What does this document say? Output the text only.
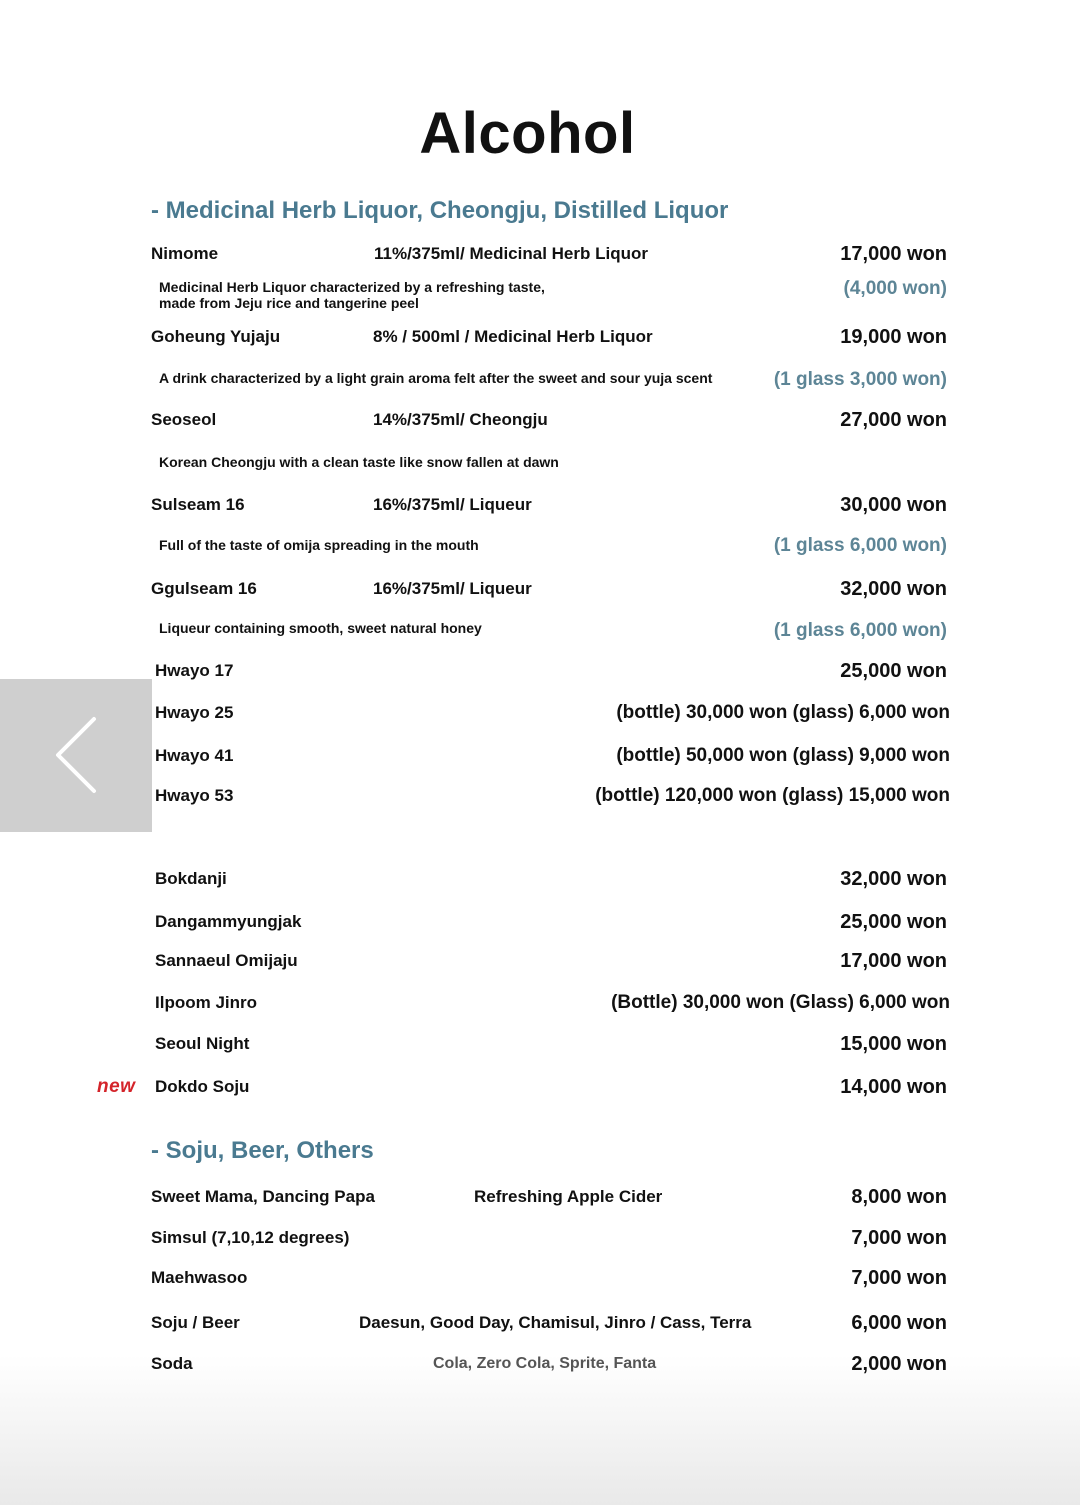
Alcohol
- Medicinal Herb Liquor, Cheongju, Distilled Liquor
Nimome	11%/375ml/ Medicinal Herb Liquor	17,000 won
Medicinal Herb Liquor characterized by a refreshing taste,
made from Jeju rice and tangerine peel
(4,000 won)
Goheung Yujaju	8% / 500ml / Medicinal Herb Liquor	19,000 won
A drink characterized by a light grain aroma felt after the sweet and sour yuja scent	(1 glass 3,000 won)
Seoseol	14%/375ml/ Cheongju	27,000 won
Korean Cheongju with a clean taste like snow fallen at dawn
Sulseam 16	16%/375ml/ Liqueur	30,000 won
Full of the taste of omija spreading in the mouth	(1 glass 6,000 won)
Ggulseam 16	16%/375ml/ Liqueur	32,000 won
Liqueur containing smooth, sweet natural honey	(1 glass 6,000 won)
Hwayo 17	25,000 won
Hwayo 25	(bottle) 30,000 won (glass) 6,000 won
Hwayo 41	(bottle) 50,000 won (glass) 9,000 won
Hwayo 53	(bottle) 120,000 won (glass) 15,000 won
Bokdanji	32,000 won
Dangammyungjak	25,000 won
Sannaeul Omijaju	17,000 won
Ilpoom Jinro	(Bottle) 30,000 won (Glass) 6,000 won
Seoul Night	15,000 won
new Dokdo Soju	14,000 won
- Soju, Beer, Others
Sweet Mama, Dancing Papa	Refreshing Apple Cider	8,000 won
Simsul (7,10,12 degrees)	7,000 won
Maehwasoo	7,000 won
Soju / Beer	Daesun, Good Day, Chamisul, Jinro / Cass, Terra	6,000 won
Soda	Cola, Zero Cola, Sprite, Fanta	2,000 won
